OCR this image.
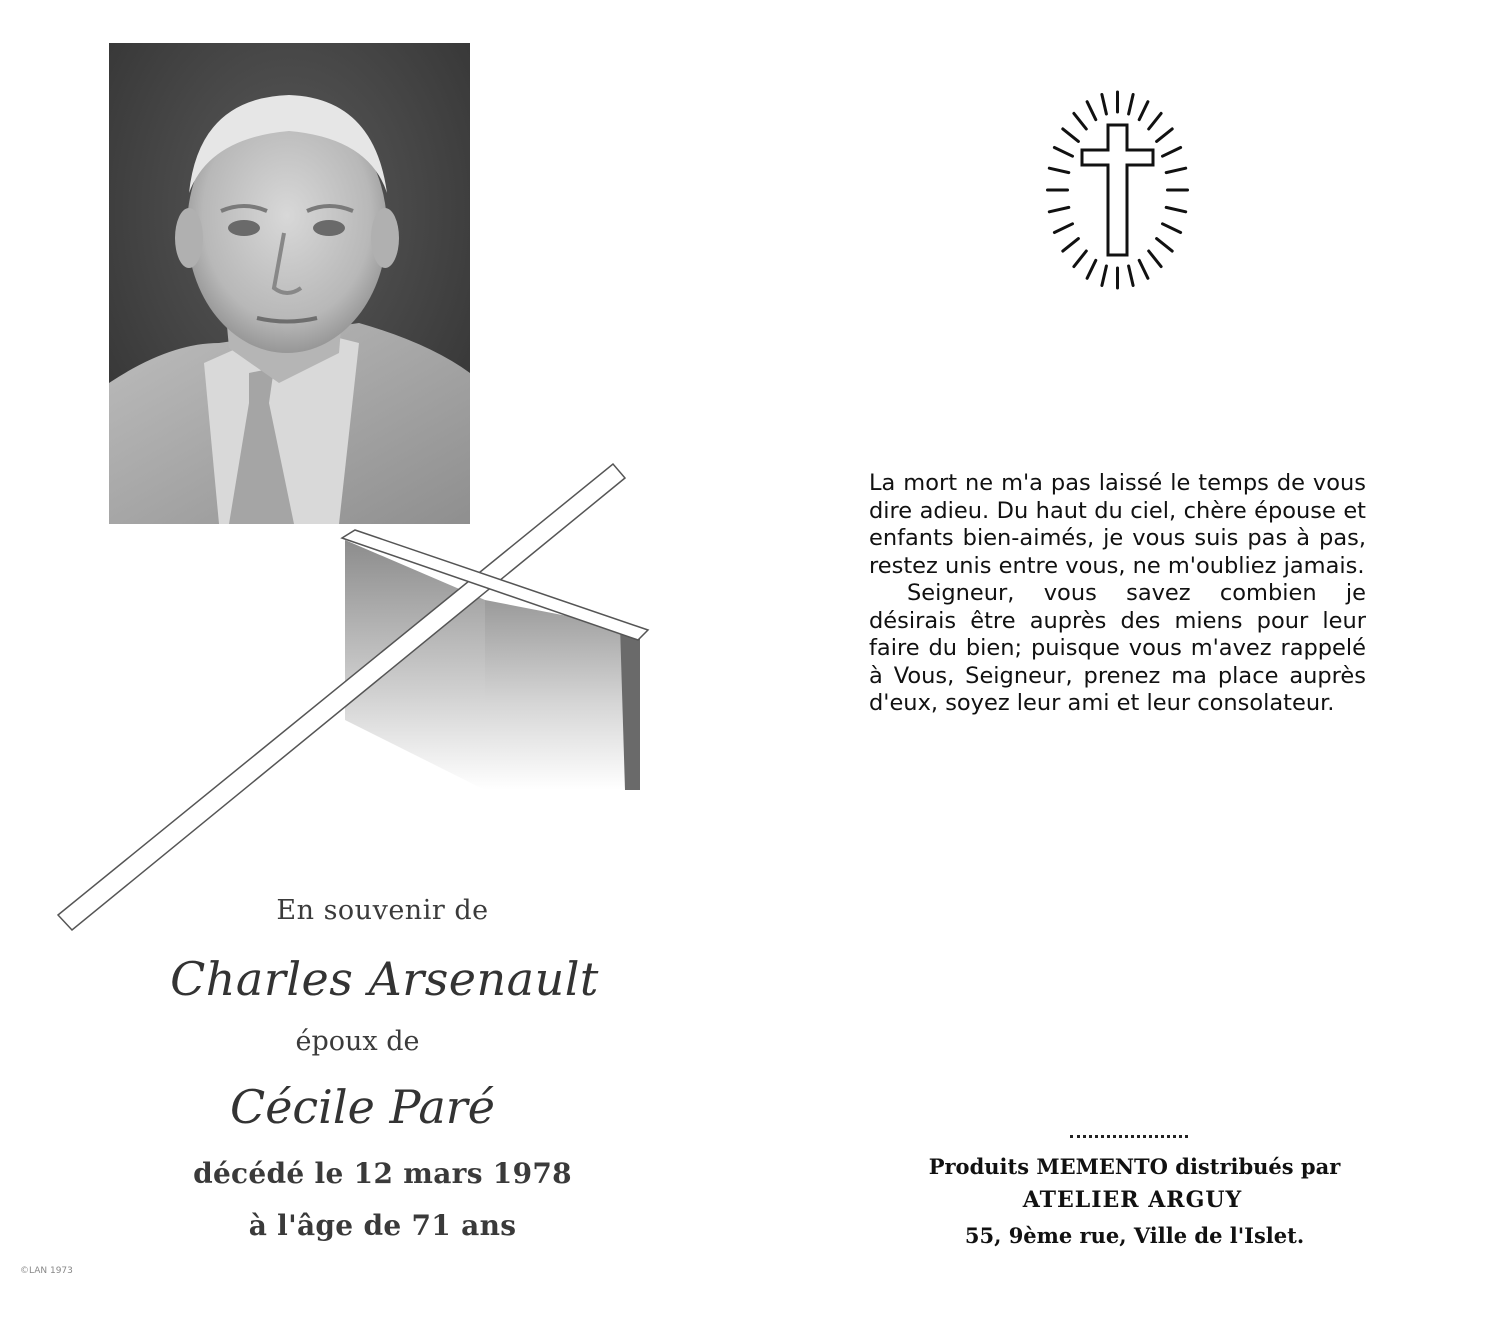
En souvenir de
Charles Arsenault
époux de
Cécile Paré
décédé le 12 mars 1978
à l'âge de 71 ans
©LAN 1973

La mort ne m'a pas laissé le temps de vous dire adieu. Du haut du ciel, chère épouse et enfants bien-aimés, je vous suis pas à pas, restez unis entre vous, ne m'oubliez jamais.

Seigneur, vous savez combien je désirais être auprès des miens pour leur faire du bien; puisque vous m'avez rappelé à Vous, Seigneur, prenez ma place auprès d'eux, soyez leur ami et leur consolateur.

Produits MEMENTO distribués par
ATELIER ARGUY
55, 9ème rue, Ville de l'Islet.
